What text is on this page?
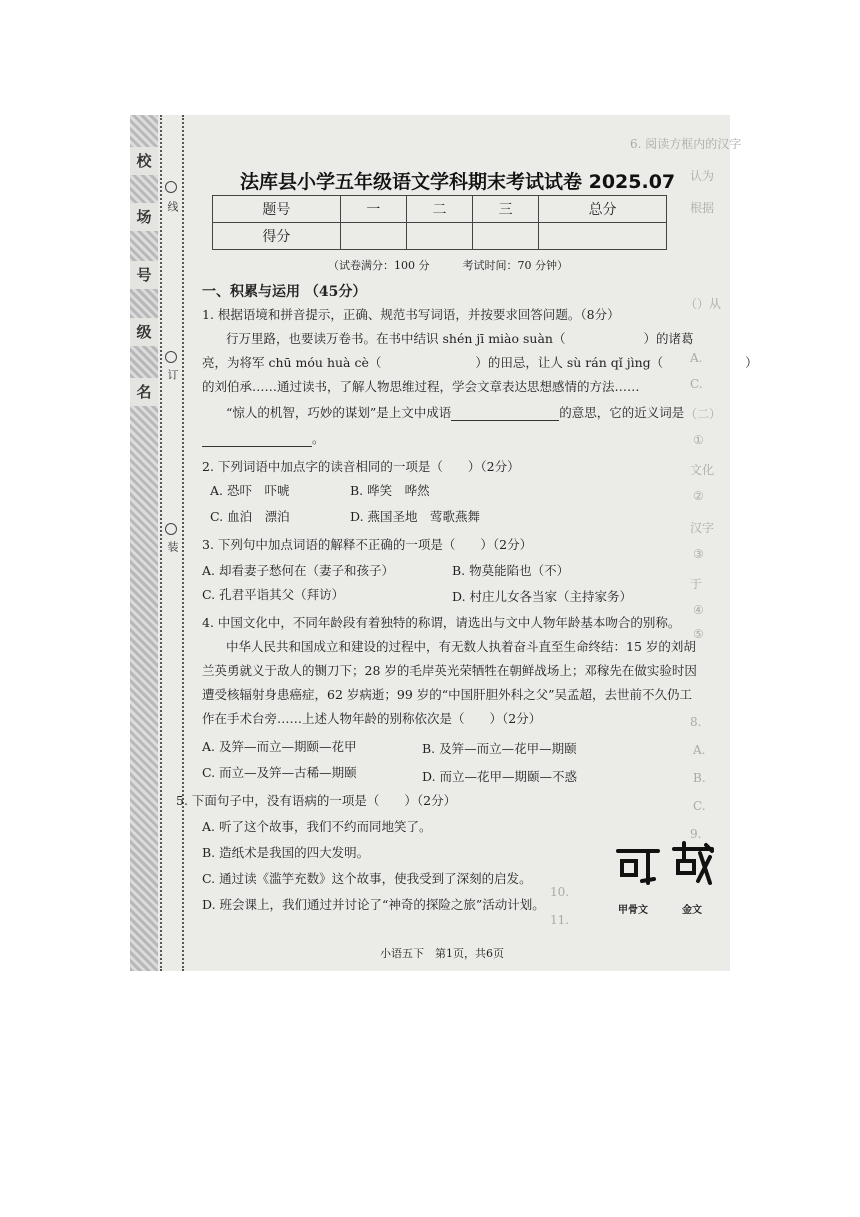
校
场
号
级
名
线
订
装
6. 阅读方框内的汉字
认为
根据
（）从
A.
C.
（二）
①
文化
②
汉字
③
于
④
⑤
8.
A.
B.
C.
9.
10.
11.
法库县小学五年级语文学科期末考试试卷 2025.07
题号	一	二	三	总分
得分				
（试卷满分：100 分　　　考试时间：70 分钟）
一、积累与运用 （45分）
1. 根据语境和拼音提示，正确、规范书写词语，并按要求回答问题。（8分）
行万里路，也要读万卷书。在书中结识 shén jī miào suàn（	）的诸葛
亮，为将军 chū móu huà cè（	）的田忌，让人 sù rán qǐ jìng（	）
的刘伯承……通过读书，了解人物思维过程，学会文章表达思想感情的方法……
“惊人的机智，巧妙的谋划”是上文中成语	的意思，它的近义词是
。
2. 下列词语中加点字的读音相同的一项是（　　）（2分）
A. 恐吓　吓唬	B. 哗笑　哗然
C. 血泊　漂泊	D. 燕国圣地　莺歌燕舞
3. 下列句中加点词语的解释不正确的一项是（　　）（2分）
A. 却看妻子愁何在（妻子和孩子）	B. 物莫能陷也（不）
C. 孔君平诣其父（拜访）	D. 村庄儿女各当家（主持家务）
4. 中国文化中，不同年龄段有着独特的称谓，请选出与文中人物年龄基本吻合的别称。
中华人民共和国成立和建设的过程中，有无数人执着奋斗直至生命终结：15 岁的刘胡
兰英勇就义于敌人的铡刀下；28 岁的毛岸英光荣牺牲在朝鲜战场上；邓稼先在做实验时因
遭受核辐射身患癌症，62 岁病逝；99 岁的“中国肝胆外科之父”吴孟超，去世前不久仍工
作在手术台旁……上述人物年龄的别称依次是（　　）（2分）
A. 及笄—而立—期颐—花甲	B. 及笄—而立—花甲—期颐
C. 而立—及笄—古稀—期颐	D. 而立—花甲—期颐—不惑
5. 下面句子中，没有语病的一项是（　　）（2分）
A. 听了这个故事，我们不约而同地笑了。
B. 造纸术是我国的四大发明。
C. 通过读《滥竽充数》这个故事，使我受到了深刻的启发。
D. 班会课上，我们通过并讨论了“神奇的探险之旅”活动计划。	甲骨文	金文
小语五下　第1页，共6页
